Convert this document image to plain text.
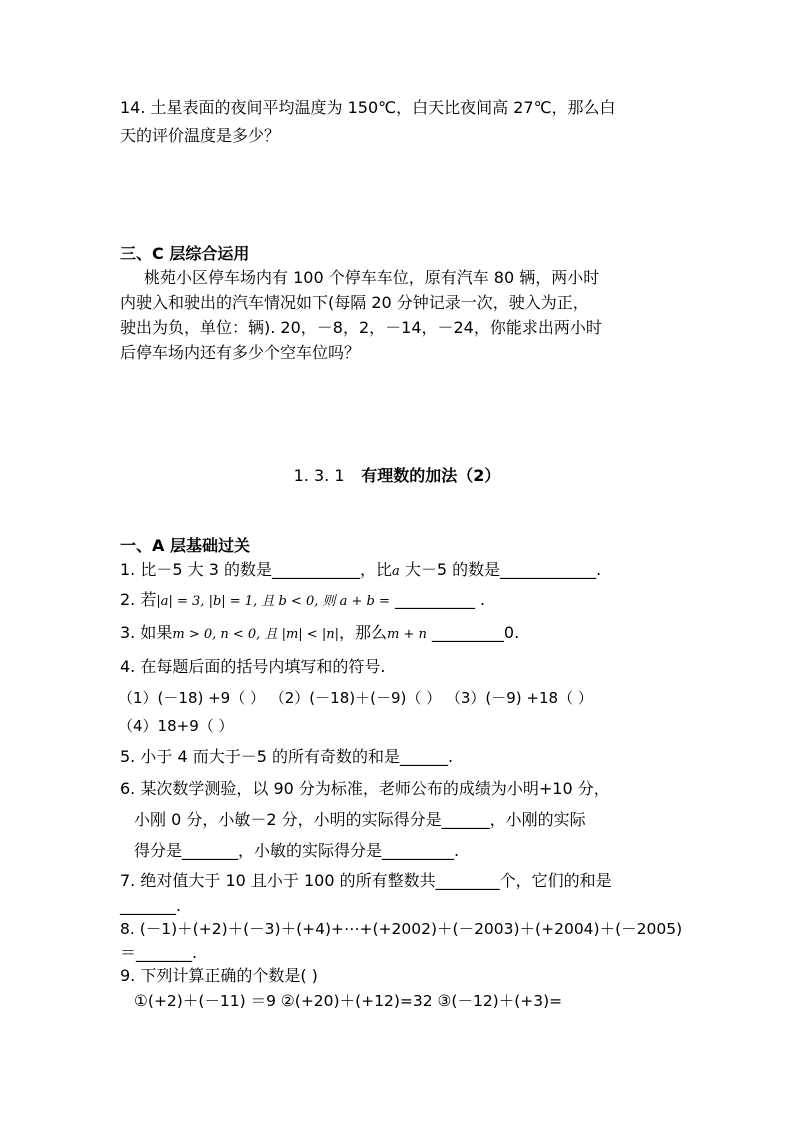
14. 土星表面的夜间平均温度为 150℃，白天比夜间高 27℃，那么白
天的评价温度是多少？
三、C 层综合运用
桃苑小区停车场内有 100 个停车车位，原有汽车 80 辆，两小时
内驶入和驶出的汽车情况如下(每隔 20 分钟记录一次，驶入为正，
驶出为负，单位：辆). 20，－8，2，－14，－24，你能求出两小时
后停车场内还有多少个空车位吗？
1. 3. 1 有理数的加法（2）
一、A 层基础过关
1. 比－5 大 3 的数是___________，比a 大－5 的数是____________.
2. 若|a| = 3, |b| = 1, 且 b < 0, 则 a + b = __________ .
3. 如果m > 0, n < 0, 且 |m| < |n|，那么m + n _________0.
4. 在每题后面的括号内填写和的符号.
（1）(－18) +9（ ） （2）(－18)＋(－9)（ ） （3）(－9) +18（ ）
（4）18+9（ ）
5. 小于 4 而大于－5 的所有奇数的和是______.
6. 某次数学测验，以 90 分为标准，老师公布的成绩为小明+10 分，
小刚 0 分，小敏－2 分，小明的实际得分是______，小刚的实际
得分是_______，小敏的实际得分是_________.
7. 绝对值大于 10 且小于 100 的所有整数共________个，它们的和是
_______.
8. (－1)＋(+2)＋(－3)＋(+4)+⋯+(+2002)＋(－2003)＋(+2004)＋(－2005)
＝_______.
9. 下列计算正确的个数是( )
①(+2)＋(－11) ＝9 ②(+20)＋(+12)=32 ③(－12)＋(+3)=
